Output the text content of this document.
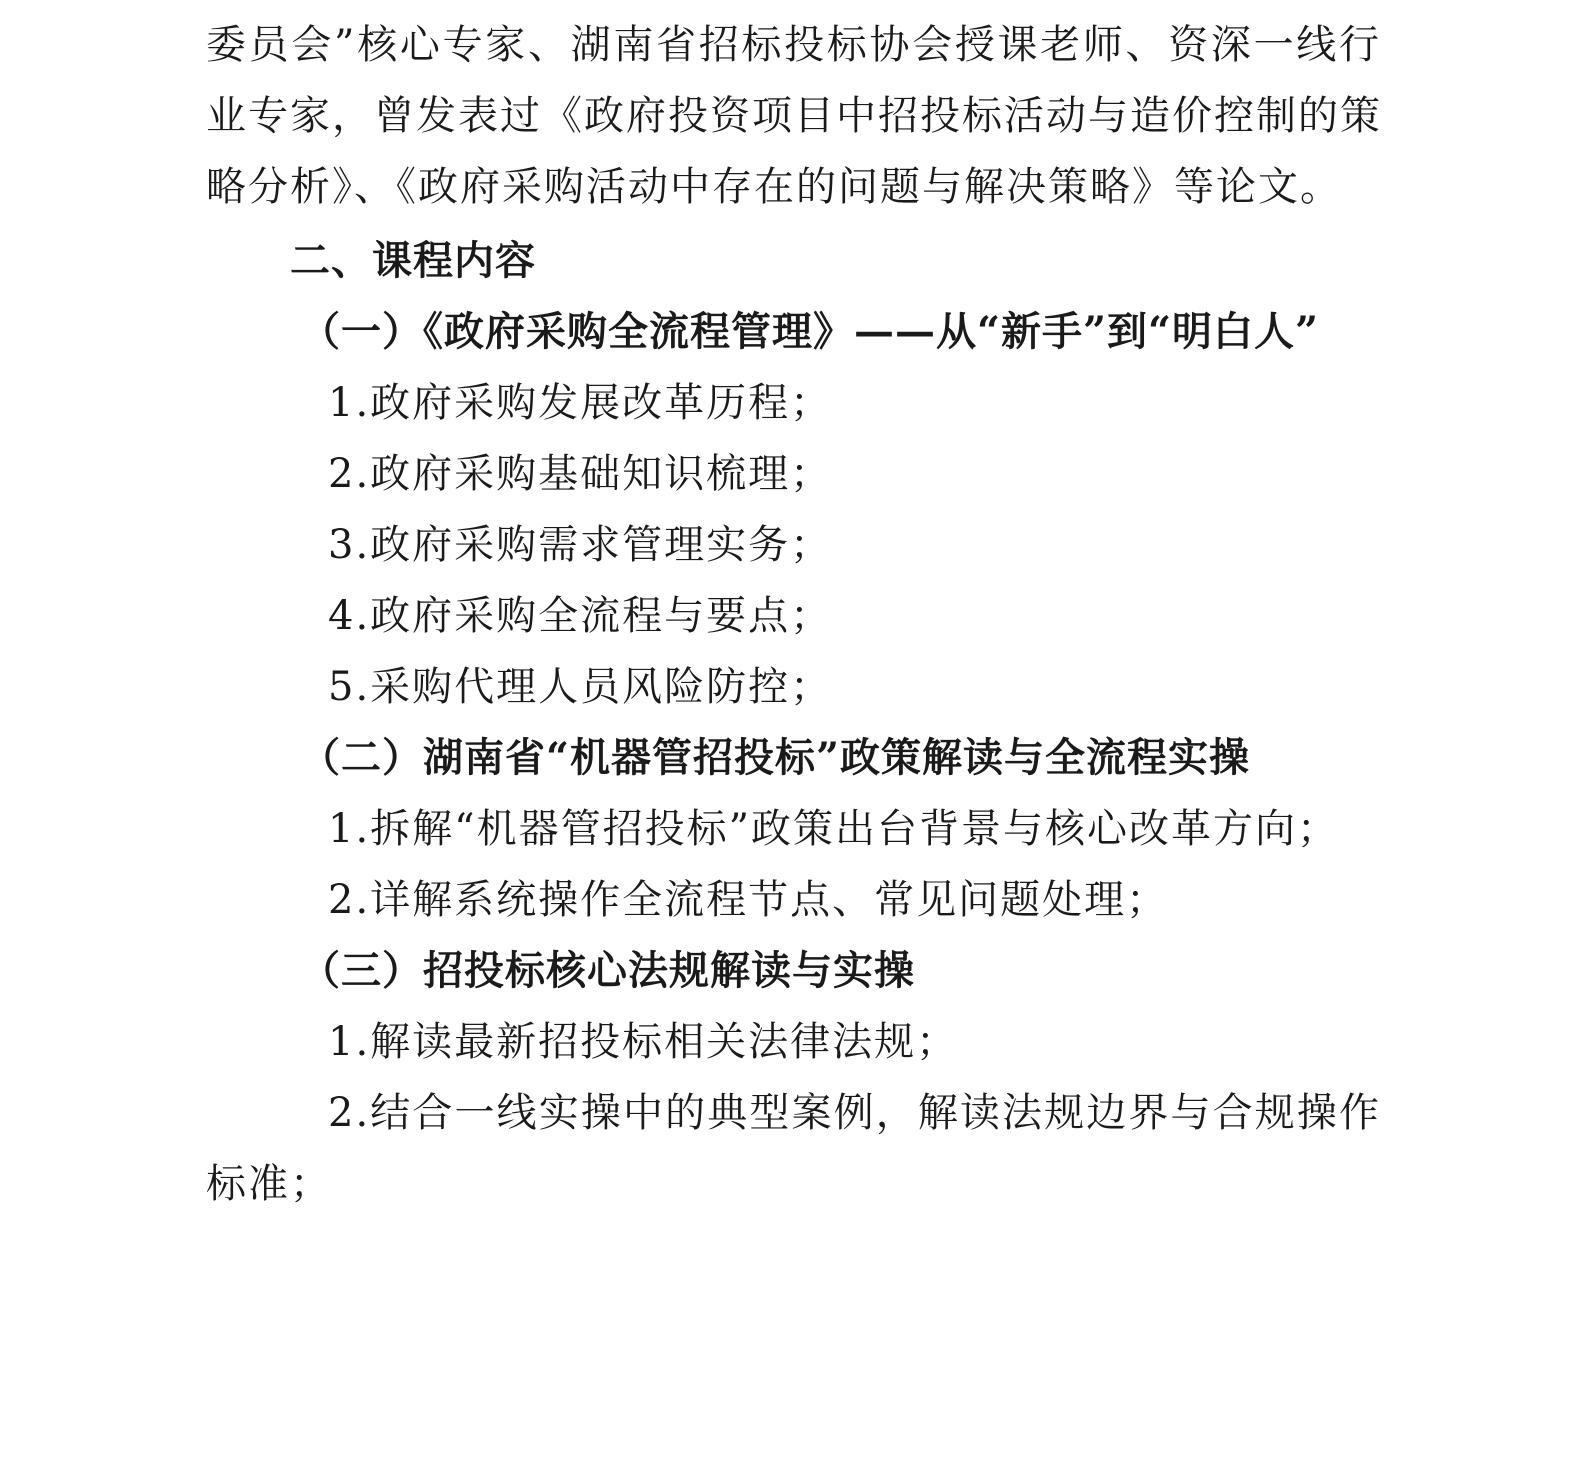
委员会”核心专家、湖南省招标投标协会授课老师、资深一线行
业专家，曾发表过《政府投资项目中招投标活动与造价控制的策
略分析》、《政府采购活动中存在的问题与解决策略》等论文。
二、课程内容
（一）《政府采购全流程管理》——从“新手”到“明白人”
1.政府采购发展改革历程；
2.政府采购基础知识梳理；
3.政府采购需求管理实务；
4.政府采购全流程与要点；
5.采购代理人员风险防控；
（二）湖南省“机器管招投标”政策解读与全流程实操
1.拆解“机器管招投标”政策出台背景与核心改革方向；
2.详解系统操作全流程节点、常见问题处理；
（三）招投标核心法规解读与实操
1.解读最新招投标相关法律法规；
2.结合一线实操中的典型案例，解读法规边界与合规操作
标准；
